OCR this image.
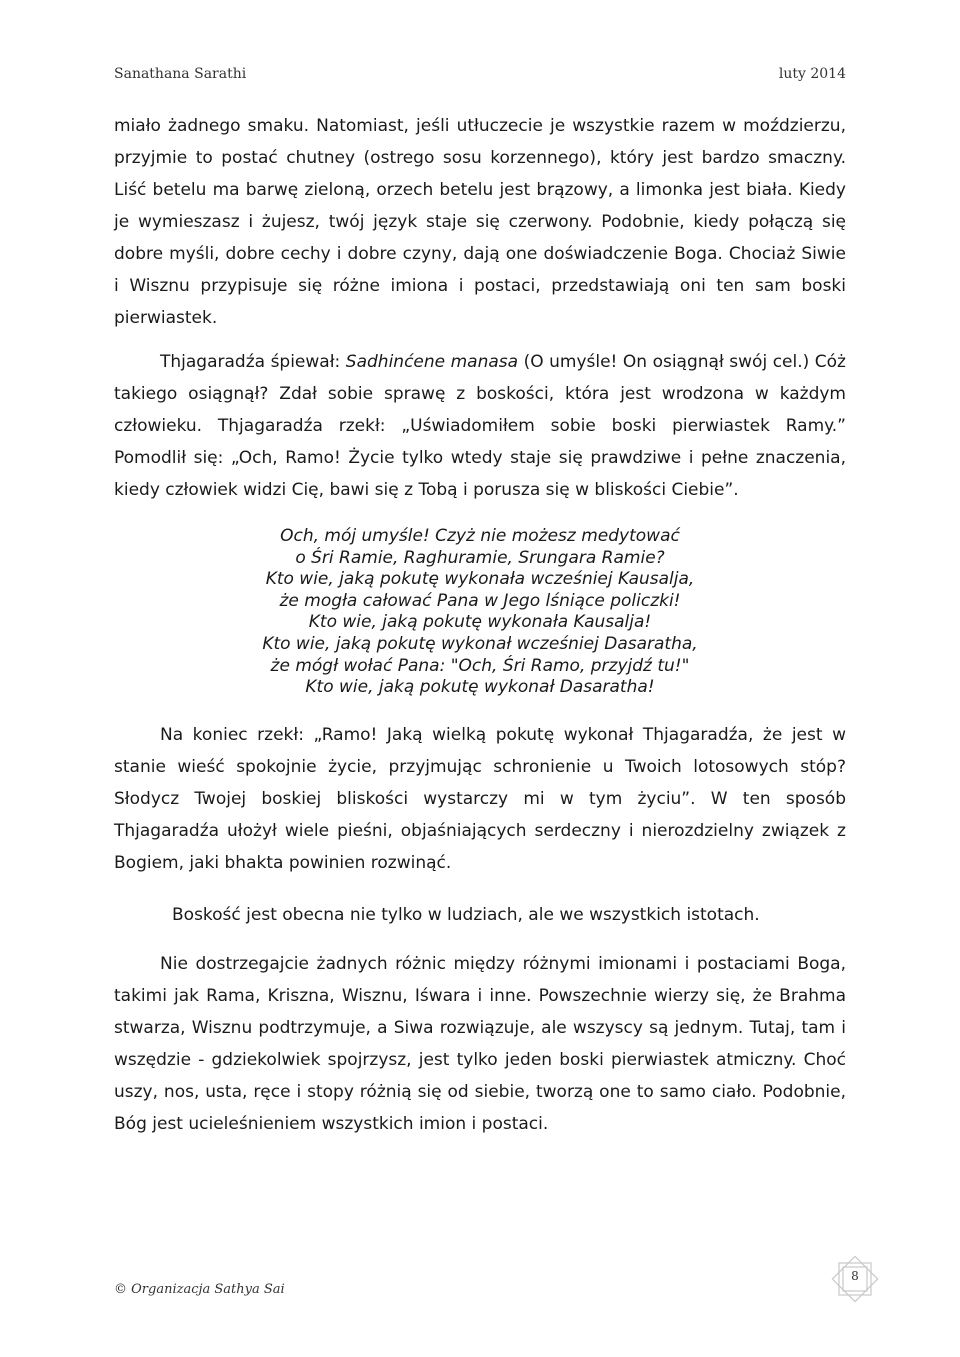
Sanathana Sarathi	luty 2014

miało żadnego smaku. Natomiast, jeśli utłuczecie je wszystkie razem w moździerzu, przyjmie to postać chutney (ostrego sosu korzennego), który jest bardzo smaczny. Liść betelu ma barwę zieloną, orzech betelu jest brązowy, a limonka jest biała. Kiedy je wymieszasz i żujesz, twój język staje się czerwony. Podobnie, kiedy połączą się dobre myśli, dobre cechy i dobre czyny, dają one doświadczenie Boga. Chociaż Siwie i Wisznu przypisuje się różne imiona i postaci, przedstawiają oni ten sam boski pierwiastek.

Thjagaradźa śpiewał: Sadhinćene manasa (O umyśle! On osiągnął swój cel.) Cóż takiego osiągnął? Zdał sobie sprawę z boskości, która jest wrodzona w każdym człowieku. Thjagaradźa rzekł: „Uświadomiłem sobie boski pierwiastek Ramy.” Pomodlił się: „Och, Ramo! Życie tylko wtedy staje się prawdziwe i pełne znaczenia, kiedy człowiek widzi Cię, bawi się z Tobą i porusza się w bliskości Ciebie”.

Och, mój umyśle! Czyż nie możesz medytować
o Śri Ramie, Raghuramie, Srungara Ramie?
Kto wie, jaką pokutę wykonała wcześniej Kausalja,
że mogła całować Pana w Jego lśniące policzki!
Kto wie, jaką pokutę wykonała Kausalja!
Kto wie, jaką pokutę wykonał wcześniej Dasaratha,
że mógł wołać Pana: "Och, Śri Ramo, przyjdź tu!"
Kto wie, jaką pokutę wykonał Dasaratha!

Na koniec rzekł: „Ramo! Jaką wielką pokutę wykonał Thjagaradźa, że jest w stanie wieść spokojnie życie, przyjmując schronienie u Twoich lotosowych stóp? Słodycz Twojej boskiej bliskości wystarczy mi w tym życiu”. W ten sposób Thjagaradźa ułożył wiele pieśni, objaśniających serdeczny i nierozdzielny związek z Bogiem, jaki bhakta powinien rozwinąć.

Boskość jest obecna nie tylko w ludziach, ale we wszystkich istotach.

Nie dostrzegajcie żadnych różnic między różnymi imionami i postaciami Boga, takimi jak Rama, Kriszna, Wisznu, Iśwara i inne. Powszechnie wierzy się, że Brahma stwarza, Wisznu podtrzymuje, a Siwa rozwiązuje, ale wszyscy są jednym. Tutaj, tam i wszędzie - gdziekolwiek spojrzysz, jest tylko jeden boski pierwiastek atmiczny. Choć uszy, nos, usta, ręce i stopy różnią się od siebie, tworzą one to samo ciało. Podobnie, Bóg jest ucieleśnieniem wszystkich imion i postaci.

© Organizacja Sathya Sai
8
